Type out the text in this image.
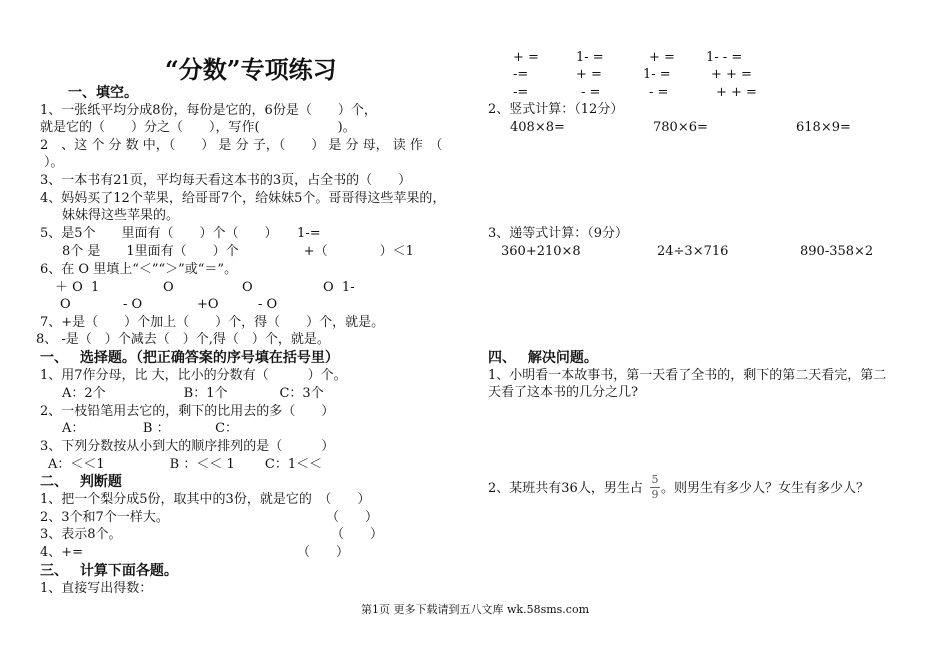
“分数”专项练习
一、填空。
1、一张纸平均分成8份，每份是它的，6份是（　　）个，
就是它的（　　）分之（　　），写作(　　　　　　)。
2　、这 个 分 数 中，（　　） 是 分 子，（　　） 是 分 母， 读 作　（
）。
3、一本书有21页，平均每天看这本书的3页，占全书的（　　）
4、妈妈买了12个苹果，给哥哥7个，给妹妹5个。哥哥得这些苹果的，
妹妹得这些苹果的。
5、是5个　　里面有（　　）个（　　）　　1-=
8个 是　　1里面有（　　）个　　　　　+（　　　　）＜1
6、在 O 里填上“＜”“＞”或“＝”。
＋ O  1	O	O	O  1-
O	- O	+O	- O
7、+是（　　）个加上（　　）个，得（　　）个，就是。
8、 -是（　）个减去（　）个,得（　）个，就是。
一、　 选择题。（把正确答案的序号填在括号里）
1、用7作分母，比 大，比小的分数有（　　　）个。
A：2个　　　　　　B：1个　　　　C：3个
2、一枝铅笔用去它的，剩下的比用去的多（　　）
A：　　　　　B ：　　　　C：
3、下列分数按从小到大的顺序排列的是（　　　）
A：＜＜1　　　　　B ：＜＜ 1　　 C：1＜＜
二、　 判断题
1、把一个梨分成5份，取其中的3份，就是它的　（　　）
2、3个和7个一样大。	（　　）
3、表示8个。	（　　）
4、+=	（　　）
三、　 计算下面各题。
1、直接写出得数：
+ =	1- =	+ = 1- - =
-=	+ =	1- =	+ + =
-=	- =	- =	+ + =
2、竖式计算：（12分）
408×8=	780×6=	618×9=
3、递等式计算：（9分）
360+210×8	24÷3×716	890-358×2
四、　 解决问题。
1、小明看一本故事书，第一天看了全书的，剩下的第二天看完，第二
天看了这本书的几分之几?
2、某班共有36人，男生占
5
9 。则男生有多少人？女生有多少人？
第1页 更多下载请到五八文库 wk.58sms.com
